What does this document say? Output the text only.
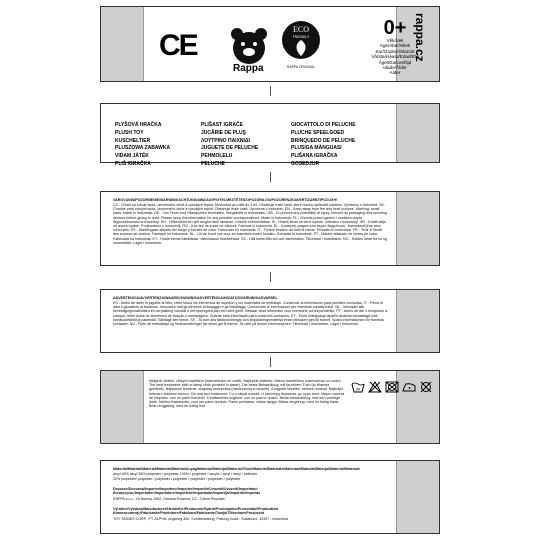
CE
Rappa
ECO
FRIENDLY
RAPPA ORIGINAL
0+
Věk/Vek
Age/Alter/Wiek
Kor/Godine/Starost
Vârsta/Ηλικία/Edad/Età
Âge/Eta/Leeftijd
Idade/Ålder
Alder
rappa.cz
PLYŠOVÁ HRAČKA
PLUSH TOY
KUSCHELTIER
PLUSZOWA ZABAWKA
VIDAM JÁTÉK
PLIŠ IGRAČKA
PLIŠAST IGRAČE
JUCĂRIE DE PLUŞ
ΛΟΥΤΡΙΝΟ ΠΑΙΧΝΙΔΙ
JUGUETE DE PELUCHE
PEHMOLELU
PELUCHE
GIOCATTOLO DI PELUCHE
PLUCHE SPEELGOED
BRINQUEDO DE PELUCHE
PLUSIGA MÄNGUASI
PLIŠANA IGRAČKA
GOSEDJUR
VAROVÁNÍ/UPOZORNENIE/WARNING/ACHTUNG/AWAGA!/FIGYELMEZTETÉS/OPOZORILO/UPOZORENJE/AVERTIZARE/ΠΡΟΣΟΧΗ!
CZ - Chraň od zdroje tepla, otevřeného ohně a vysokých teplot. Nevhodné pro děti do 3 let. Obsahuje malé části, které mohou způsobit udušení. Vyrobeno v Indonésii. SK - Chráňte pred zdrojmi tepla, otvoreného ohňa a vysokých teplôt. Obsahuje malé časti. Vyrobené v Indonézii. EN - Keep away from fire and heat sources. Warning: small parts. Made in Indonesia. DE - Von Feuer und Hitzequellen fernhalten. Hergestellt in Indonesien. GB - To prevent any possibility of injury, remove all packaging and securing devices before giving to child. Please keep this information for any possible correspondence. Made in Indonesia. PL - Chronić przed ogniem i źródłami ciepła. Wyprodukowano w Indonezji. HU - Hőforrástól és nyílt lángtól távol tartandó. Készült Indonéziában. SI - Hraniti stran od virov toplote. Izdelano v Indoneziji. HR - Držati dalje od izvora topline. Proizvedeno u Indoneziji. RO - A se feri de surse de căldură. Fabricat în Indonezia. EL - Κρατήστε μακριά από πηγές θερμότητας. Κατασκευάζεται στην Ινδονησία. ES - Manténgase alejado del fuego y fuentes de calor. Fabricado en Indonesia. IT - Tenere lontano da fonti di calore. Prodotto in Indonesia. FR - Tenir à l'écart des sources de chaleur. Fabriqué en Indonésie. NL - Uit de buurt van vuur en warmtebronnen houden. Gemaakt in Indonesië. PT - Manter afastado de fontes de calor. Fabricado na Indonésia. ET - Hoida eemal tuleallikast. Valmistatud Indoneesias. SV - Håll borta från eld och värmekällor. Tillverkad i Indonesien. NO - Holdes borte fra ild og varmekilder. Laget i Indonesia.
ADVERTENCIA/AVVERTENZA/WAARSCHUWING/ADVERTÊNCIA/HOIATUS/VARNING/ADVARSEL
ES - Antes de darle el juguete al niño, retire todos los elementos de sujeción y los materiales de embalaje. Conservar la información para posibles consultas. IT - Prima di dare il giocattolo al bambino, rimuovere tutti gli elementi di fissaggio e gli imballaggi. Conservare le informazioni per eventuali contatti futuri. NL - Verwijder alle bevestigingsmaterialen en verpakking voordat u het speelgoed aan een kind geeft. Bewaar deze informatie voor eventuele correspondentie. PT - Antes de dar o brinquedo à criança, retire todos os elementos de fixação e embalagens. Guarde esta informação para possíveis contactos. ET - Enne mänguasja lapsele andmist eemaldage kõik kinnitusdetailid ja pakendid. Säilitage see teave. SV - Ta bort alla fästanordningar och förpackningsmaterial innan leksaken ges till barnet. Spara informationen för framtida kontakter. NO - Fjern all emballasje og festeanordninger før leken gis til barnet. Ta vare på denne informasjonen. Tillverkad i Indonesien. Laget i Indonesia.
30
Nejlepší čištění: vlhkým hadříkem (namočeným ve vodě). Najlepšie čistenie: vlhkou handričkou (namočenou vo vode). The best treatment: with a damp cloth (soaked in water). Die beste Behandlung: mit feuchtem Tuch (in Wasser getränkt). Najlepsze leczenie: wilgotną ściereczką (namoczoną w wodzie). A legjobb kezelés: nedves ruhával. Najboljši tretman: vlažnom krpom. Cel mai bun tratament: Cu o cârpă umedă. Η καλύτερη θεραπεία: με υγρό πανί. Mejor manera de limpiarlo: con un paño húmedo. Il trattamento migliore: con un panno umido. Beste behandeling: met een vochtige doek. Melhor tratamento: com um pano húmido. Parim puhastus: niiske lapiga. Bästa rengöring: med en fuktig trasa. Best rengjøring: med en fuktig klut.
Materiál/Materiál/Material/Material/Material/Anyag/Material/Materijal/Material/Υλικό/Material/Materiale/Materiaal/Material/Materjal/Material/Materiale
akryl 65% akryl 35% polyester / polyester 100% / polyester / acrylic / acryl / akryl / poliester
20% polyester/ polyester / polyester / polyester / polyester / polyester / polyester
Dovozce/Dovozca/Importer/Importeur/Importer/Importőr/Uvoznik/Uvoznik/Importator/Εισαγωγέας/Importador/Importatore/Importeur/Importador/Importija/Importör/Importør
RAPPA s.r.o., Za Humny 1062, Ostrava-Polanka, CZ - Czech Republic
Výrobce/Výrobca/Manufacturer/Hersteller/Producent/Gyártó/Proizvajalec/Proizvođač/Producător/Κατασκευαστής/Fabricante/Produttore/Fabrikant/Fabricante/Tootja/Tillverkare/Produsent
TOY SKINDS CORP., PT. ALPHA, Angkring 300, Sumberwaring, Pakong Kuda - Sukabumi, 43357 - Indonesia
